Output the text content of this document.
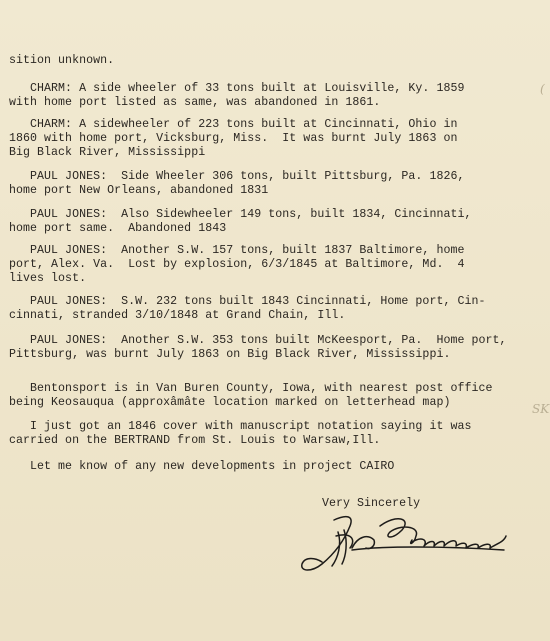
sition unknown.
CHARM: A side wheeler of 33 tons built at Louisville, Ky. 1859
with home port listed as same, was abandoned in 1861.
CHARM: A sidewheeler of 223 tons built at Cincinnati, Ohio in
1860 with home port, Vicksburg, Miss.  It was burnt July 1863 on
Big Black River, Mississippi
PAUL JONES:  Side Wheeler 306 tons, built Pittsburg, Pa. 1826,
home port New Orleans, abandoned 1831
PAUL JONES:  Also Sidewheeler 149 tons, built 1834, Cincinnati,
home port same.  Abandoned 1843
PAUL JONES:  Another S.W. 157 tons, built 1837 Baltimore, home
port, Alex. Va.  Lost by explosion, 6/3/1845 at Baltimore, Md.  4
lives lost.
PAUL JONES:  S.W. 232 tons built 1843 Cincinnati, Home port, Cin-
cinnati, stranded 3/10/1848 at Grand Chain, Ill.
PAUL JONES:  Another S.W. 353 tons built McKeesport, Pa.  Home port,
Pittsburg, was burnt July 1863 on Big Black River, Mississippi.
Bentonsport is in Van Buren County, Iowa, with nearest post office
being Keosauqua (approxâmâte location marked on letterhead map)
I just got an 1846 cover with manuscript notation saying it was
carried on the BERTRAND from St. Louis to Warsaw,Ill.
Let me know of any new developments in project CAIRO
Very Sincerely
(
SK
